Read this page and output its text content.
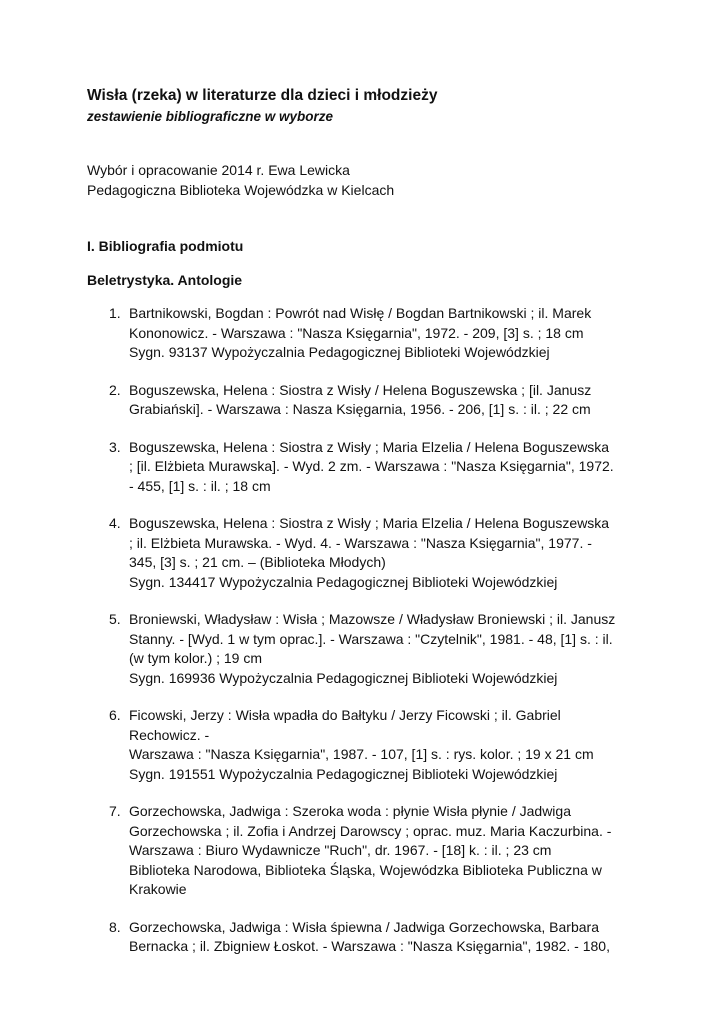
Wisła (rzeka) w literaturze dla dzieci i młodzieży
zestawienie bibliograficzne w wyborze
Wybór i opracowanie 2014 r. Ewa Lewicka
Pedagogiczna Biblioteka Wojewódzka w Kielcach
I. Bibliografia podmiotu
Beletrystyka. Antologie
1. Bartnikowski, Bogdan : Powrót nad Wisłę / Bogdan Bartnikowski ; il. Marek
Kononowicz. - Warszawa : "Nasza Księgarnia", 1972. - 209, [3] s. ; 18 cm
Sygn. 93137 Wypożyczalnia Pedagogicznej Biblioteki Wojewódzkiej
2. Boguszewska, Helena : Siostra z Wisły / Helena Boguszewska ; [il. Janusz
Grabiański]. - Warszawa : Nasza Księgarnia, 1956. - 206, [1] s. : il. ; 22 cm
3. Boguszewska, Helena : Siostra z Wisły ; Maria Elzelia / Helena Boguszewska
; [il. Elżbieta Murawska]. - Wyd. 2 zm. - Warszawa : "Nasza Księgarnia", 1972.
- 455, [1] s. : il. ; 18 cm
4. Boguszewska, Helena : Siostra z Wisły ; Maria Elzelia / Helena Boguszewska
; il. Elżbieta Murawska. - Wyd. 4. - Warszawa : "Nasza Księgarnia", 1977. -
345, [3] s. ; 21 cm. – (Biblioteka Młodych)
Sygn. 134417 Wypożyczalnia Pedagogicznej Biblioteki Wojewódzkiej
5. Broniewski, Władysław : Wisła ; Mazowsze / Władysław Broniewski ; il. Janusz
Stanny. - [Wyd. 1 w tym oprac.]. - Warszawa : "Czytelnik", 1981. - 48, [1] s. : il.
(w tym kolor.) ; 19 cm
Sygn. 169936 Wypożyczalnia Pedagogicznej Biblioteki Wojewódzkiej
6. Ficowski, Jerzy : Wisła wpadła do Bałtyku / Jerzy Ficowski ; il. Gabriel
Rechowicz. -
Warszawa : "Nasza Księgarnia", 1987. - 107, [1] s. : rys. kolor. ; 19 x 21 cm
Sygn. 191551 Wypożyczalnia Pedagogicznej Biblioteki Wojewódzkiej
7. Gorzechowska, Jadwiga : Szeroka woda : płynie Wisła płynie / Jadwiga
Gorzechowska ; il. Zofia i Andrzej Darowscy ; oprac. muz. Maria Kaczurbina. -
Warszawa : Biuro Wydawnicze "Ruch", dr. 1967. - [18] k. : il. ; 23 cm
Biblioteka Narodowa, Biblioteka Śląska, Wojewódzka Biblioteka Publiczna w
Krakowie
8. Gorzechowska, Jadwiga : Wisła śpiewna / Jadwiga Gorzechowska, Barbara
Bernacka ; il. Zbigniew Łoskot. - Warszawa : "Nasza Księgarnia", 1982. - 180,
